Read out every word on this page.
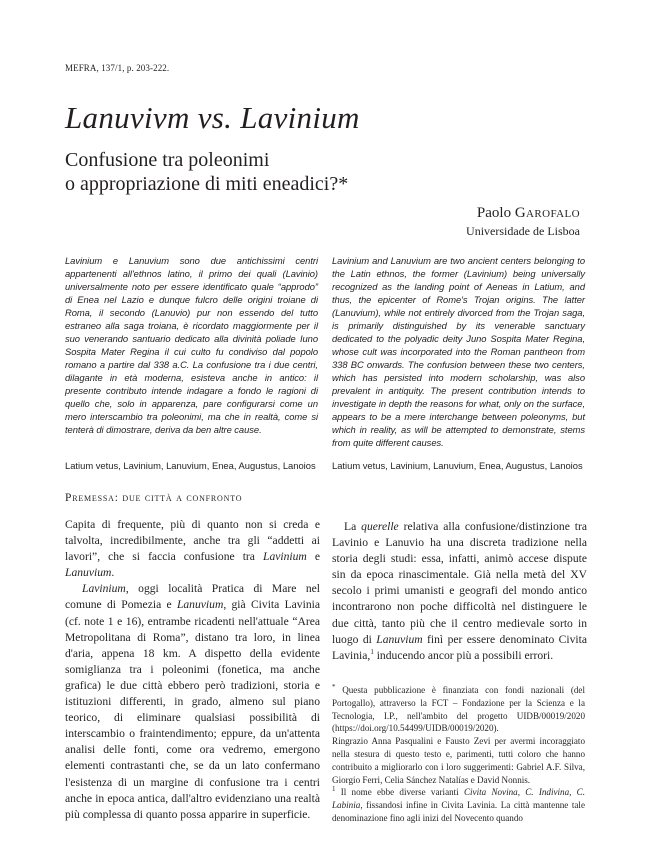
MEFRA, 137/1, p. 203-222.
Lanuvivm vs. Lavinium
Confusione tra poleonimi
o appropriazione di miti eneadici?*
Paolo Garofalo
Universidade de Lisboa
Lavinium e Lanuvium sono due antichissimi centri appartenenti all'ethnos latino, il primo dei quali (Lavinio) universalmente noto per essere identificato quale “approdo” di Enea nel Lazio e dunque fulcro delle origini troiane di Roma, il secondo (Lanuvio) pur non essendo del tutto estraneo alla saga troiana, è ricordato maggiormente per il suo venerando santuario dedicato alla divinità poliade Iuno Sospita Mater Regina il cui culto fu condiviso dal popolo romano a partire dal 338 a.C. La confusione tra i due centri, dilagante in età moderna, esisteva anche in antico: il presente contributo intende indagare a fondo le ragioni di quello che, solo in apparenza, pare configurarsi come un mero interscambio tra poleonimi, ma che in realtà, come si tenterà di dimostrare, deriva da ben altre cause.
Lavinium and Lanuvium are two ancient centers belonging to the Latin ethnos, the former (Lavinium) being universally recognized as the landing point of Aeneas in Latium, and thus, the epicenter of Rome's Trojan origins. The latter (Lanuvium), while not entirely divorced from the Trojan saga, is primarily distinguished by its venerable sanctuary dedicated to the polyadic deity Juno Sospita Mater Regina, whose cult was incorporated into the Roman pantheon from 338 BC onwards. The confusion between these two centers, which has persisted into modern scholarship, was also prevalent in antiquity. The present contribution intends to investigate in depth the reasons for what, only on the surface, appears to be a mere interchange between poleonyms, but which in reality, as will be attempted to demonstrate, stems from quite different causes.
Latium vetus, Lavinium, Lanuvium, Enea, Augustus, Lanoios Latium vetus, Lavinium, Lanuvium, Enea, Augustus, Lanoios
Premessa: due città a confronto

Capita di frequente, più di quanto non si creda e talvolta, incredibilmente, anche tra gli “addetti ai lavori”, che si faccia confusione tra Lavinium e Lanuvium.

Lavinium, oggi località Pratica di Mare nel comune di Pomezia e Lanuvium, già Civita Lavinia (cf. note 1 e 16), entrambe ricadenti nell'attuale “Area Metropolitana di Roma”, distano tra loro, in linea d'aria, appena 18 km. A dispetto della evidente somiglianza tra i poleonimi (fonetica, ma anche grafica) le due città ebbero però tradizioni, storia e istituzioni differenti, in grado, almeno sul piano teorico, di eliminare qualsiasi possibilità di interscambio o fraintendimento; eppure, da un'attenta analisi delle fonti, come ora vedremo, emergono elementi contrastanti che, se da un lato confermano l'esistenza di un margine di confusione tra i centri anche in epoca antica, dall'altro evidenziano una realtà più complessa di quanto possa apparire in superficie.

La querelle relativa alla confusione/distinzione tra Lavinio e Lanuvio ha una discreta tradizione nella storia degli studi: essa, infatti, animò accese dispute sin da epoca rinascimentale. Già nella metà del XV secolo i primi umanisti e geografi del mondo antico incontrarono non poche difficoltà nel distinguere le due città, tanto più che il centro medievale sorto in luogo di Lanuvium finì per essere denominato Civita Lavinia,$^1$ inducendo ancor più a possibili errori.

* Questa pubblicazione è finanziata con fondi nazionali (del Portogallo), attraverso la FCT – Fondazione per la Scienza e la Tecnologia, I.P., nell'ambito del progetto UIDB/00019/2020 (https://doi.org/10.54499/UIDB/00019/2020).

Ringrazio Anna Pasqualini e Fausto Zevi per avermi incoraggiato nella stesura di questo testo e, parimenti, tutti coloro che hanno contribuito a migliorarlo con i loro suggerimenti: Gabriel A.F. Silva, Giorgio Ferri, Celia Sánchez Natalías e David Nonnis.

$^1$ Il nome ebbe diverse varianti Civita Novina, C. Indivina, C. Labinia, fissandosi infine in Civita Lavinia. La città mantenne tale denominazione fino agli inizi del Novecento quando
